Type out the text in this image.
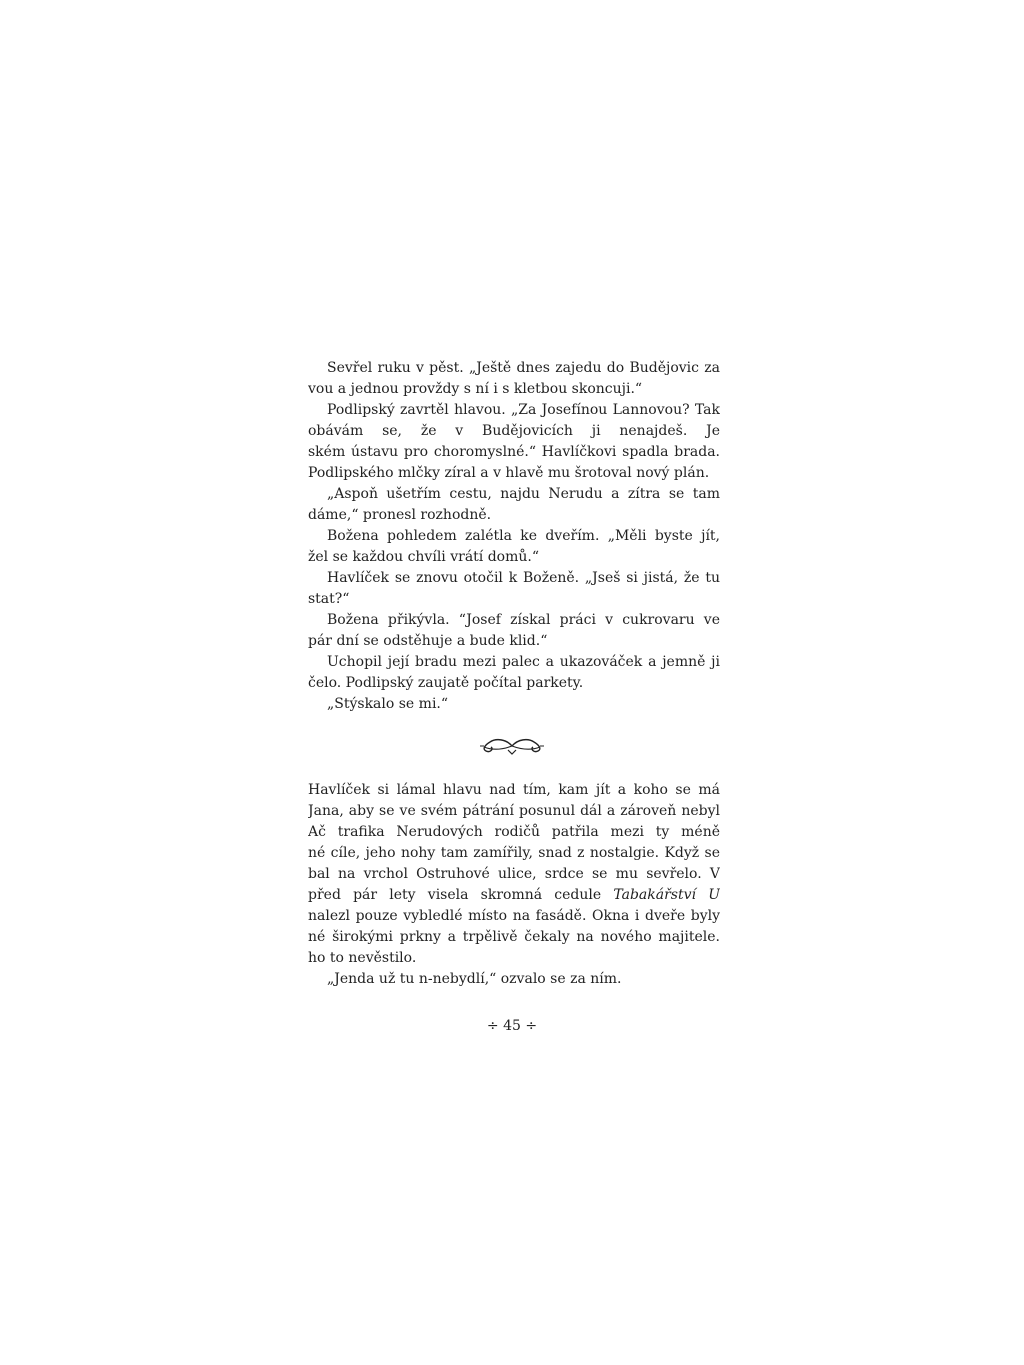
Sevřel ruku v pěst. „Ještě dnes zajedu do Budějovic za
vou a jednou provždy s ní i s kletbou skoncuji.“
Podlipský zavrtěl hlavou. „Za Josefínou Lannovou? Tak
obávám se, že v Budějovicích ji nenajdeš. Je
ském ústavu pro choromyslné.“ Havlíčkovi spadla brada.
Podlipského mlčky zíral a v hlavě mu šrotoval nový plán.
„Aspoň ušetřím cestu, najdu Nerudu a zítra se tam
dáme,“ pronesl rozhodně.
Božena pohledem zalétla ke dveřím. „Měli byste jít,
žel se každou chvíli vrátí domů.“
Havlíček se znovu otočil k Boženě. „Jseš si jistá, že tu
stat?“
Božena přikývla. “Josef získal práci v cukrovaru ve
pár dní se odstěhuje a bude klid.“
Uchopil její bradu mezi palec a ukazováček a jemně ji
čelo. Podlipský zaujatě počítal parkety.
„Stýskalo se mi.“
Havlíček si lámal hlavu nad tím, kam jít a koho se má
Jana, aby se ve svém pátrání posunul dál a zároveň nebyl
Ač trafika Nerudových rodičů patřila mezi ty méně
né cíle, jeho nohy tam zamířily, snad z nostalgie. Když se
bal na vrchol Ostruhové ulice, srdce se mu sevřelo. V
před pár lety visela skromná cedule Tabakářství U
nalezl pouze vybledlé místo na fasádě. Okna i dveře byly
né širokými prkny a trpělivě čekaly na nového majitele.
ho to nevěstilo.
„Jenda už tu n-nebydlí,“ ozvalo se za ním.
÷ 45 ÷
